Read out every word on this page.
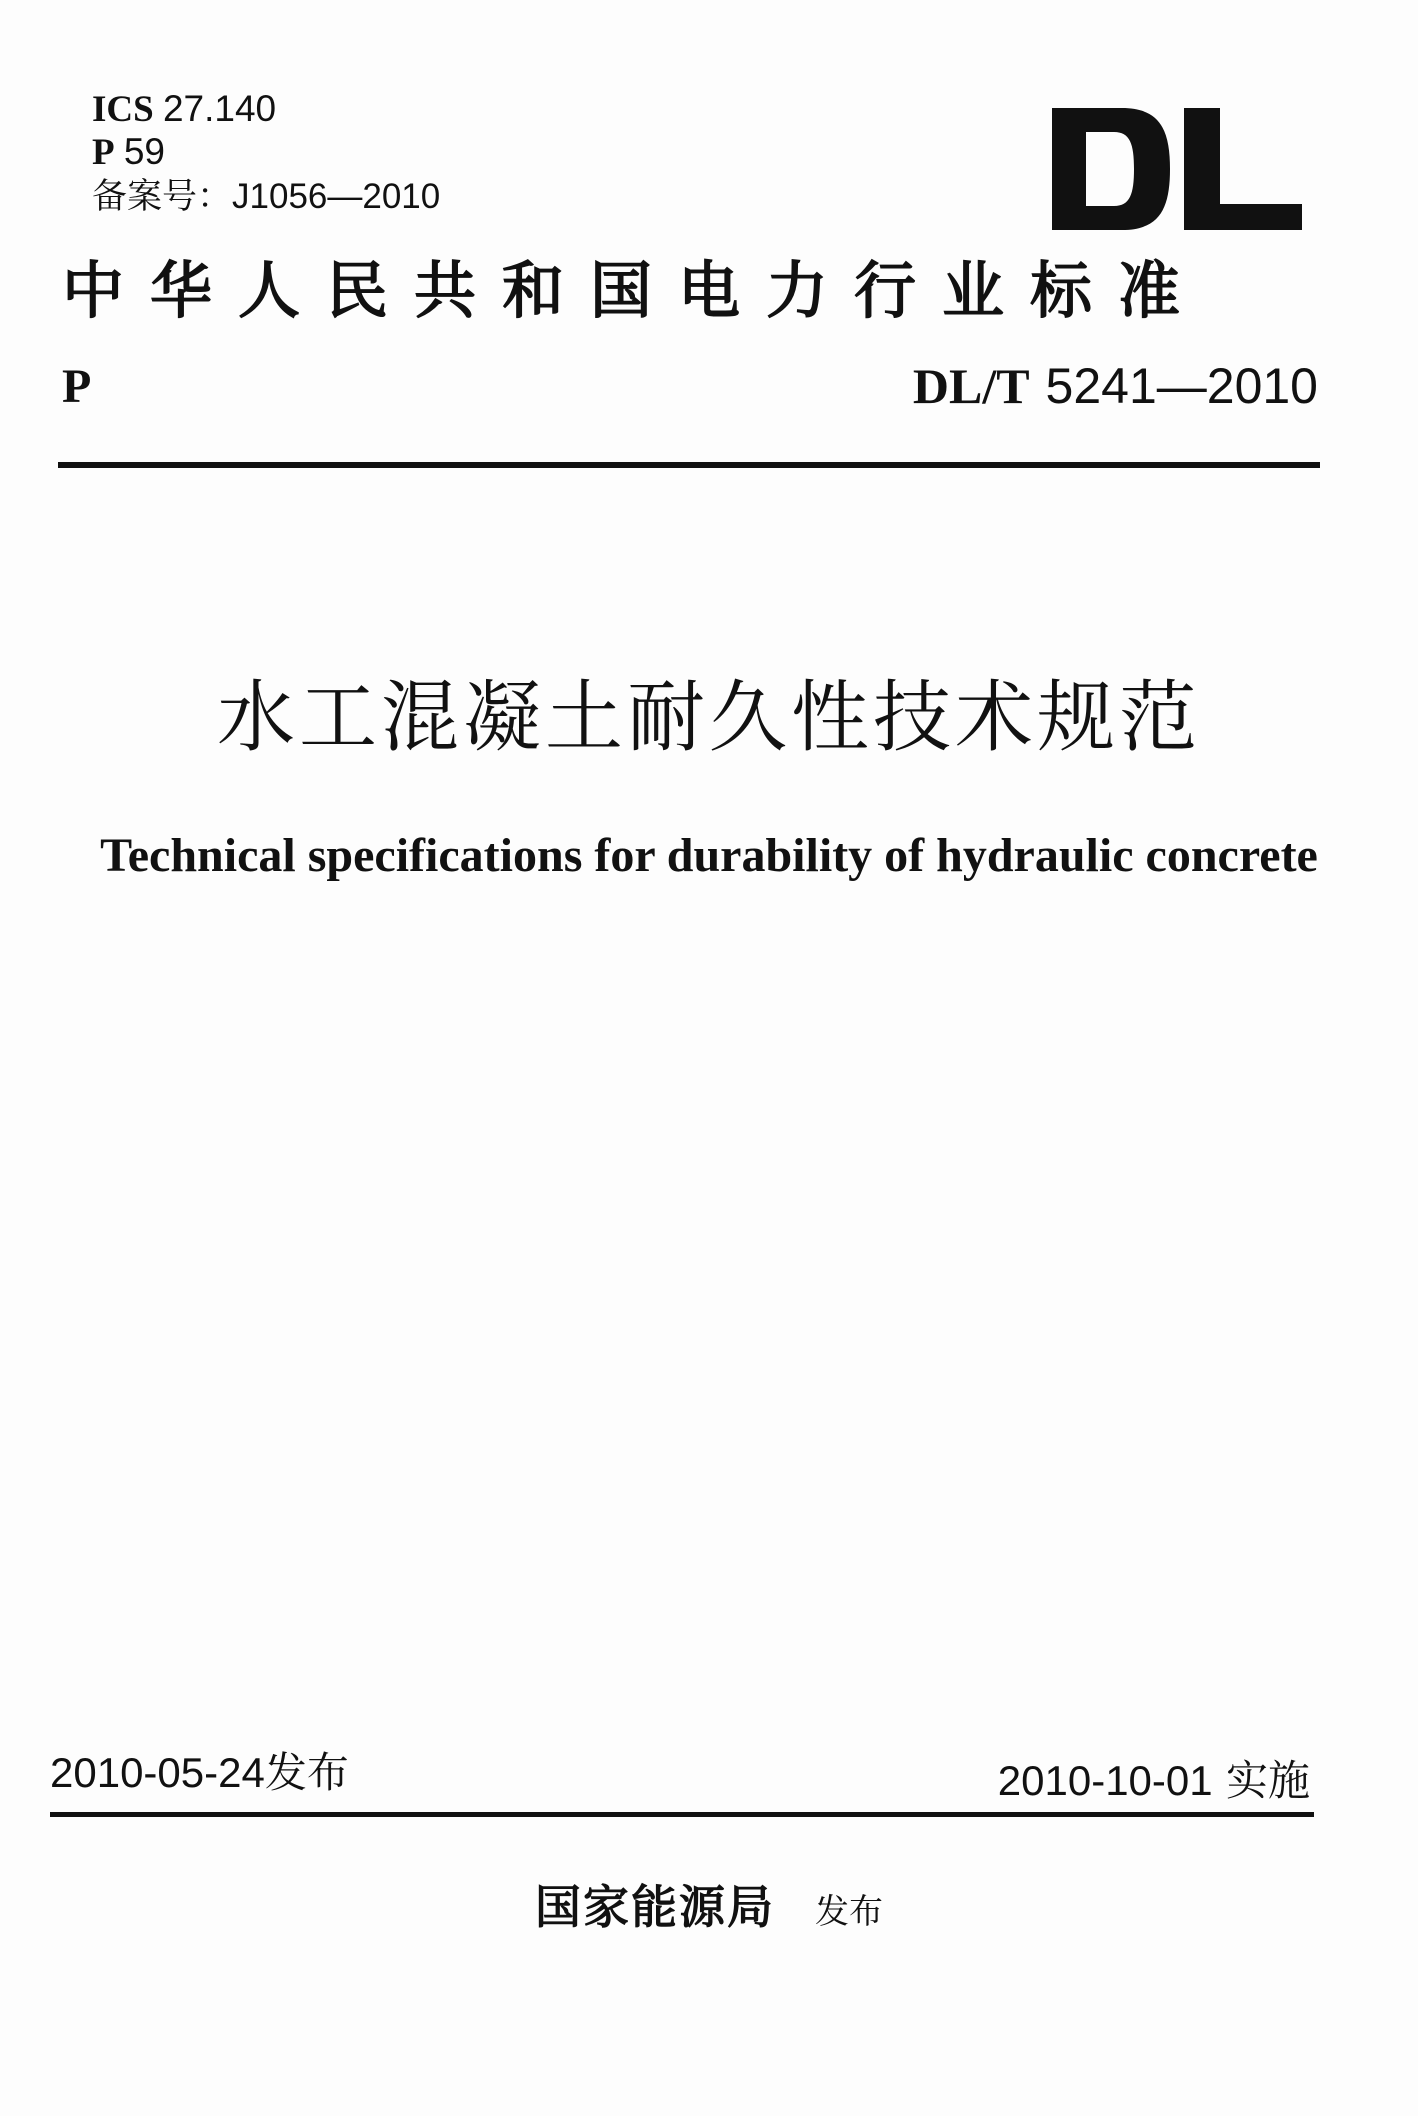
ICS 27.140
P 59
备案号：J1056—2010
中华人民共和国电力行业标准
P	DL/T 5241—2010
水工混凝土耐久性技术规范
Technical specifications for durability of hydraulic concrete
2010-05-24发布	2010-10-01 实施
国家能源局 发布
